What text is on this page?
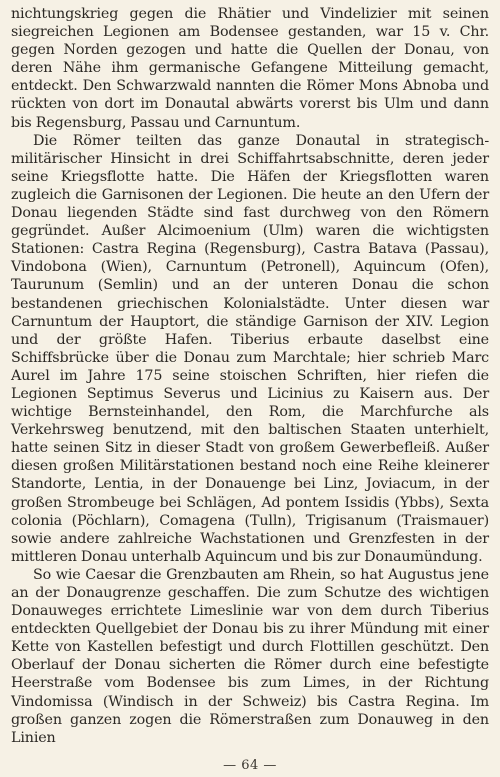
nichtungskrieg gegen die Rhätier und Vindelizier mit seinen siegreichen Legionen am Bodensee gestanden, war 15 v. Chr. gegen Norden gezogen und hatte die Quellen der Donau, von deren Nähe ihm germanische Gefangene Mitteilung gemacht, entdeckt. Den Schwarzwald nannten die Römer Mons Abnoba und rückten von dort im Donautal abwärts vorerst bis Ulm und dann bis Regensburg, Passau und Carnuntum.

Die Römer teilten das ganze Donautal in strategisch-militärischer Hinsicht in drei Schiffahrtsabschnitte, deren jeder seine Kriegsflotte hatte. Die Häfen der Kriegsflotten waren zugleich die Garnisonen der Legionen. Die heute an den Ufern der Donau liegenden Städte sind fast durchweg von den Römern gegründet. Außer Alcimoenium (Ulm) waren die wichtigsten Stationen: Castra Regina (Regensburg), Castra Batava (Passau), Vindobona (Wien), Carnuntum (Petronell), Aquincum (Ofen), Taurunum (Semlin) und an der unteren Donau die schon bestandenen griechischen Kolonialstädte. Unter diesen war Carnuntum der Hauptort, die ständige Garnison der XIV. Legion und der größte Hafen. Tiberius erbaute daselbst eine Schiffsbrücke über die Donau zum Marchtale; hier schrieb Marc Aurel im Jahre 175 seine stoischen Schriften, hier riefen die Legionen Septimus Severus und Licinius zu Kaisern aus. Der wichtige Bernsteinhandel, den Rom, die Marchfurche als Verkehrsweg benutzend, mit den baltischen Staaten unterhielt, hatte seinen Sitz in dieser Stadt von großem Gewerbefleiß. Außer diesen großen Militärstationen bestand noch eine Reihe kleinerer Standorte, Lentia, in der Donauenge bei Linz, Joviacum, in der großen Strombeuge bei Schlägen, Ad pontem Issidis (Ybbs), Sexta colonia (Pöchlarn), Comagena (Tulln), Trigisanum (Traismauer) sowie andere zahlreiche Wachstationen und Grenzfesten in der mittleren Donau unterhalb Aquincum und bis zur Donaumündung.

So wie Caesar die Grenzbauten am Rhein, so hat Augustus jene an der Donaugrenze geschaffen. Die zum Schutze des wichtigen Donauweges errichtete Limeslinie war von dem durch Tiberius entdeckten Quellgebiet der Donau bis zu ihrer Mündung mit einer Kette von Kastellen befestigt und durch Flottillen geschützt. Den Oberlauf der Donau sicherten die Römer durch eine befestigte Heerstraße vom Bodensee bis zum Limes, in der Richtung Vindomissa (Windisch in der Schweiz) bis Castra Regina. Im großen ganzen zogen die Römerstraßen zum Donauweg in den Linien

— 64 —
